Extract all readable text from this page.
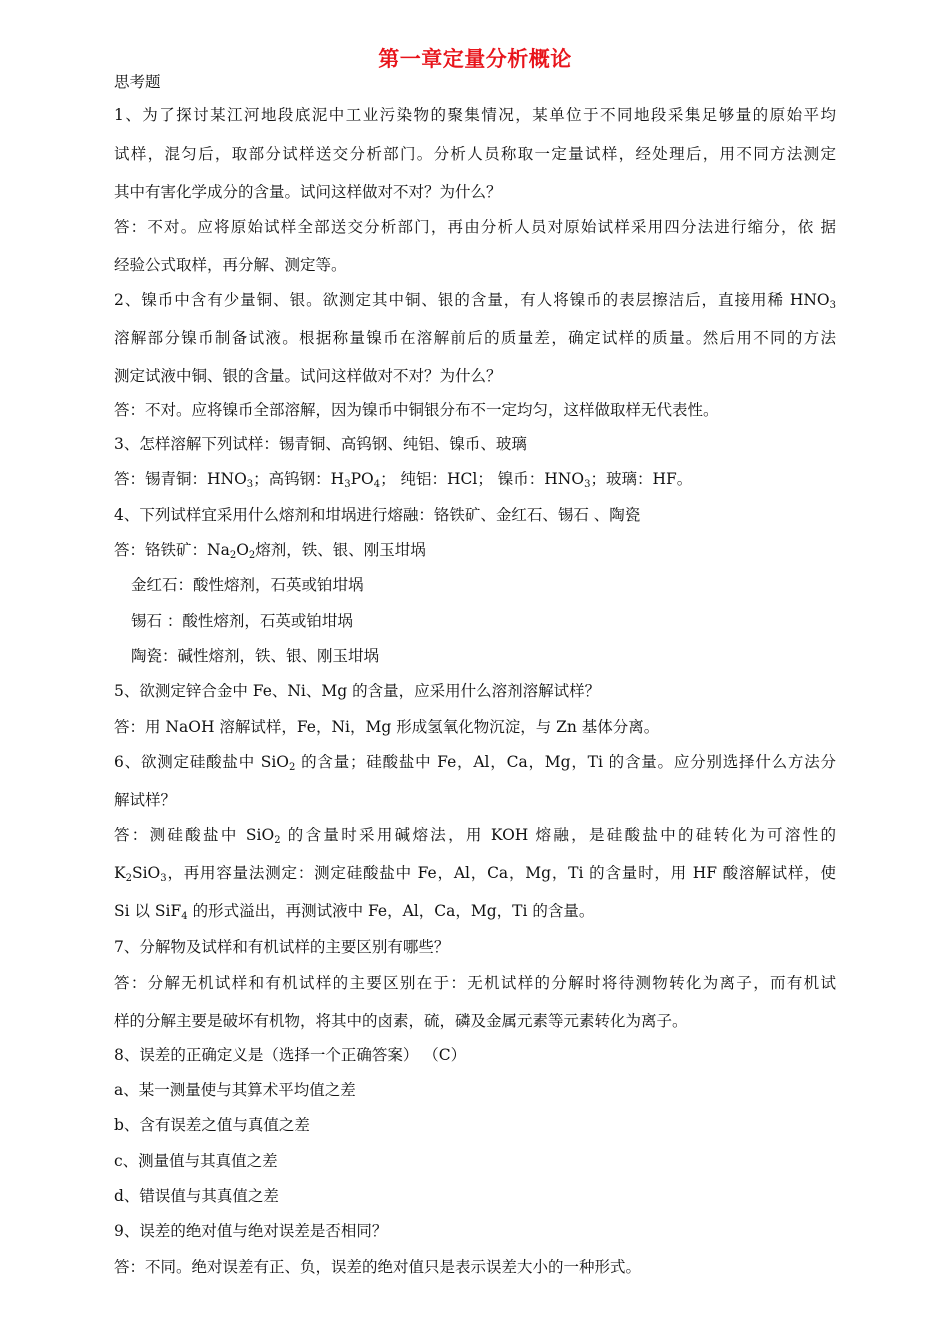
第一章定量分析概论
思考题
1、为了探讨某江河地段底泥中工业污染物的聚集情况，某单位于不同地段采集足够量的原始平均
试样，混匀后，取部分试样送交分析部门。分析人员称取一定量试样，经处理后，用不同方法测定
其中有害化学成分的含量。试问这样做对不对？为什么？
答：不对。应将原始试样全部送交分析部门，再由分析人员对原始试样采用四分法进行缩分，依 据
经验公式取样，再分解、测定等。
2、镍币中含有少量铜、银。欲测定其中铜、银的含量，有人将镍币的表层擦洁后，直接用稀 $HNO_3$
溶解部分镍币制备试液。根据称量镍币在溶解前后的质量差，确定试样的质量。然后用不同的方法
测定试液中铜、银的含量。试问这样做对不对？为什么？
答：不对。应将镍币全部溶解，因为镍币中铜银分布不一定均匀，这样做取样无代表性。
3、怎样溶解下列试样：锡青铜、高钨钢、纯铝、镍币、玻璃
答：锡青铜：$HNO_3$；高钨钢：$H_3PO_4$； 纯铝：HCl； 镍币：$HNO_3$；玻璃：HF。
4、下列试样宜采用什么熔剂和坩埚进行熔融：铬铁矿、金红石、锡石 、陶瓷
答：铬铁矿：$Na_2O_2$熔剂，铁、银、刚玉坩埚
金红石：酸性熔剂，石英或铂坩埚
锡石 ：酸性熔剂，石英或铂坩埚
陶瓷：碱性熔剂，铁、银、刚玉坩埚
5、欲测定锌合金中 Fe、Ni、Mg 的含量，应采用什么溶剂溶解试样？
答：用 NaOH 溶解试样，Fe，Ni，Mg 形成氢氧化物沉淀，与 Zn 基体分离。
6、欲测定硅酸盐中 SiO$_2$ 的含量；硅酸盐中 Fe，Al，Ca，Mg，Ti 的含量。应分别选择什么方法分
解试样？
答：测硅酸盐中 SiO$_2$ 的含量时采用碱熔法，用 KOH 熔融，是硅酸盐中的硅转化为可溶性的
$K_2SiO_3$，再用容量法测定：测定硅酸盐中 Fe，Al，Ca，Mg，Ti 的含量时，用 HF 酸溶解试样，使
Si 以 SiF$_4$ 的形式溢出，再测试液中 Fe，Al，Ca，Mg，Ti 的含量。
7、分解物及试样和有机试样的主要区别有哪些？
答：分解无机试样和有机试样的主要区别在于：无机试样的分解时将待测物转化为离子，而有机试
样的分解主要是破坏有机物，将其中的卤素，硫，磷及金属元素等元素转化为离子。
8、误差的正确定义是（选择一个正确答案） （C）
a、某一测量使与其算术平均值之差
b、含有误差之值与真值之差
c、测量值与其真值之差
d、错误值与其真值之差
9、误差的绝对值与绝对误差是否相同？
答：不同。绝对误差有正、负，误差的绝对值只是表示误差大小的一种形式。
